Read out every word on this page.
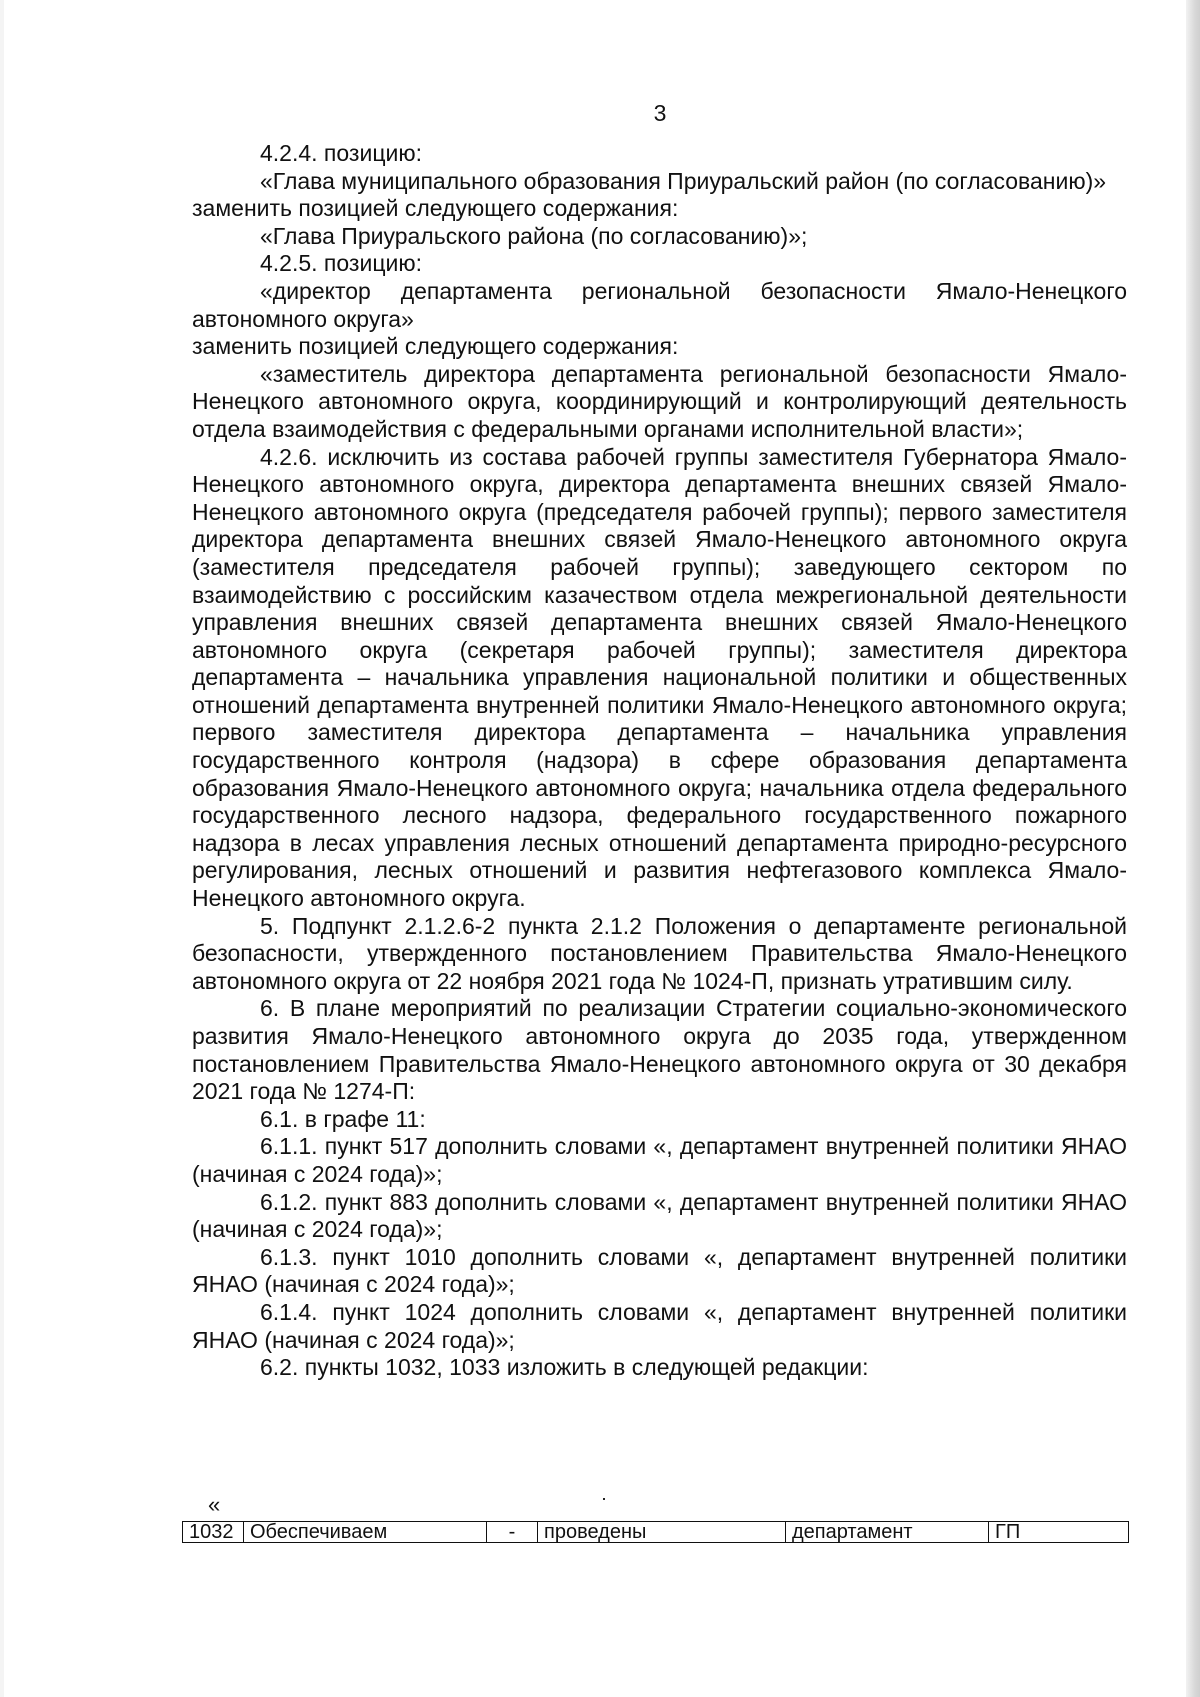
3

4.2.4. позицию:

«Глава муниципального образования Приуральский район (по согласованию)»

заменить позицией следующего содержания:

«Глава Приуральского района (по согласованию)»;

4.2.5. позицию:

«директор департамента региональной безопасности Ямало-Ненецкого автономного округа»

заменить позицией следующего содержания:

«заместитель директора департамента региональной безопасности Ямало-Ненецкого автономного округа, координирующий и контролирующий деятельность отдела взаимодействия с федеральными органами исполнительной власти»;

4.2.6. исключить из состава рабочей группы заместителя Губернатора Ямало-Ненецкого автономного округа, директора департамента внешних связей Ямало-Ненецкого автономного округа (председателя рабочей группы); первого заместителя директора департамента внешних связей Ямало-Ненецкого автономного округа (заместителя председателя рабочей группы); заведующего сектором по взаимодействию с российским казачеством отдела межрегиональной деятельности управления внешних связей департамента внешних связей Ямало-Ненецкого автономного округа (секретаря рабочей группы); заместителя директора департамента – начальника управления национальной политики и общественных отношений департамента внутренней политики Ямало-Ненецкого автономного округа; первого заместителя директора департамента – начальника управления государственного контроля (надзора) в сфере образования департамента образования Ямало-Ненецкого автономного округа; начальника отдела федерального государственного лесного надзора, федерального государственного пожарного надзора в лесах управления лесных отношений департамента природно-ресурсного регулирования, лесных отношений и развития нефтегазового комплекса Ямало-Ненецкого автономного округа.

5. Подпункт 2.1.2.6-2 пункта 2.1.2 Положения о департаменте региональной безопасности, утвержденного постановлением Правительства Ямало-Ненецкого автономного округа от 22 ноября 2021 года № 1024-П, признать утратившим силу.

6. В плане мероприятий по реализации Стратегии социально-экономического развития Ямало-Ненецкого автономного округа до 2035 года, утвержденном постановлением Правительства Ямало-Ненецкого автономного округа от 30 декабря 2021 года № 1274-П:

6.1. в графе 11:

6.1.1. пункт 517 дополнить словами «, департамент внутренней политики ЯНАО (начиная с 2024 года)»;

6.1.2. пункт 883 дополнить словами «, департамент внутренней политики ЯНАО (начиная с 2024 года)»;

6.1.3. пункт 1010 дополнить словами «, департамент внутренней политики ЯНАО (начиная с 2024 года)»;

6.1.4. пункт 1024 дополнить словами «, департамент внутренней политики ЯНАО (начиная с 2024 года)»;

6.2. пункты 1032, 1033 изложить в следующей редакции:

«
1032	Обеспечиваем	-	проведены	департамент	ГП
